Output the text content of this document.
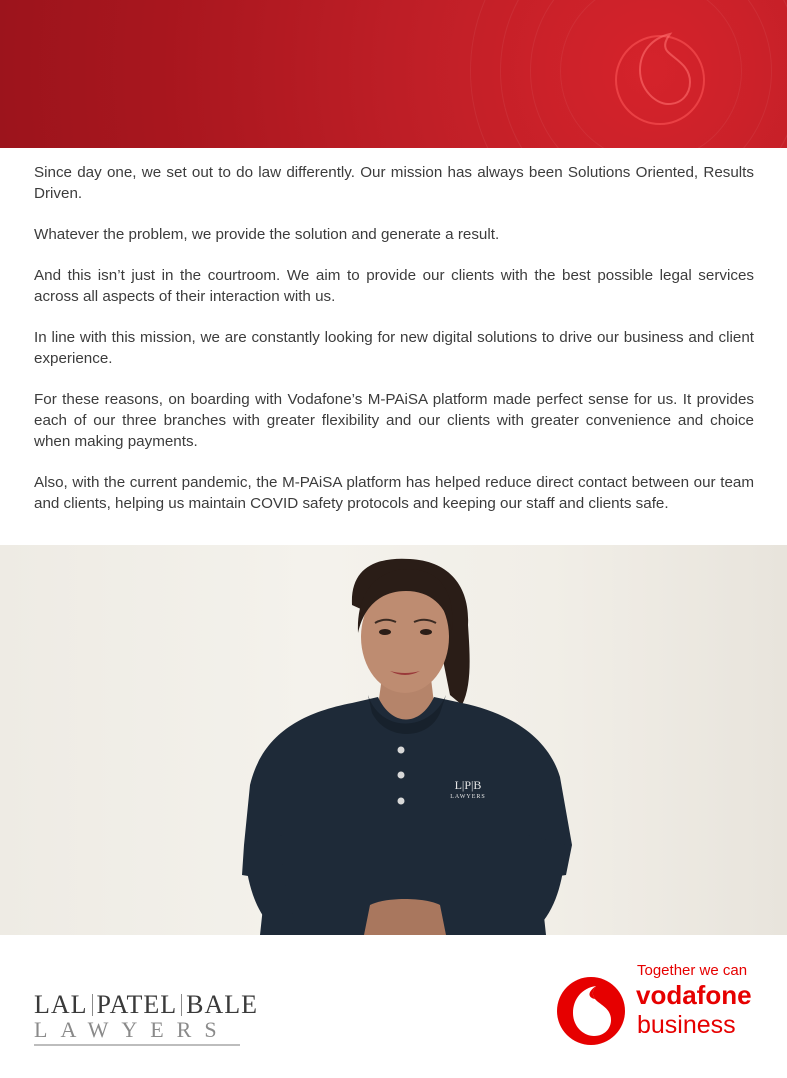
Since day one, we set out to do law differently. Our mission has always been Solutions Oriented, Results Driven.

Whatever the problem, we provide the solution and generate a result.

And this isn’t just in the courtroom. We aim to provide our clients with the best possible legal services across all aspects of their interaction with us.

In line with this mission, we are constantly looking for new digital solutions to drive our business and client experience.

For these reasons, on boarding with Vodafone’s M-PAiSA platform made perfect sense for us. It provides each of our three branches with greater flexibility and our clients with greater convenience and choice when making payments.

Also, with the current pandemic, the M-PAiSA platform has helped reduce direct contact between our team and clients, helping us maintain COVID safety protocols and keeping our staff and clients safe.

L|P|B
LAWYERS
LAL PATEL BALE
LAWYERS
Together we can
vodafone
business
